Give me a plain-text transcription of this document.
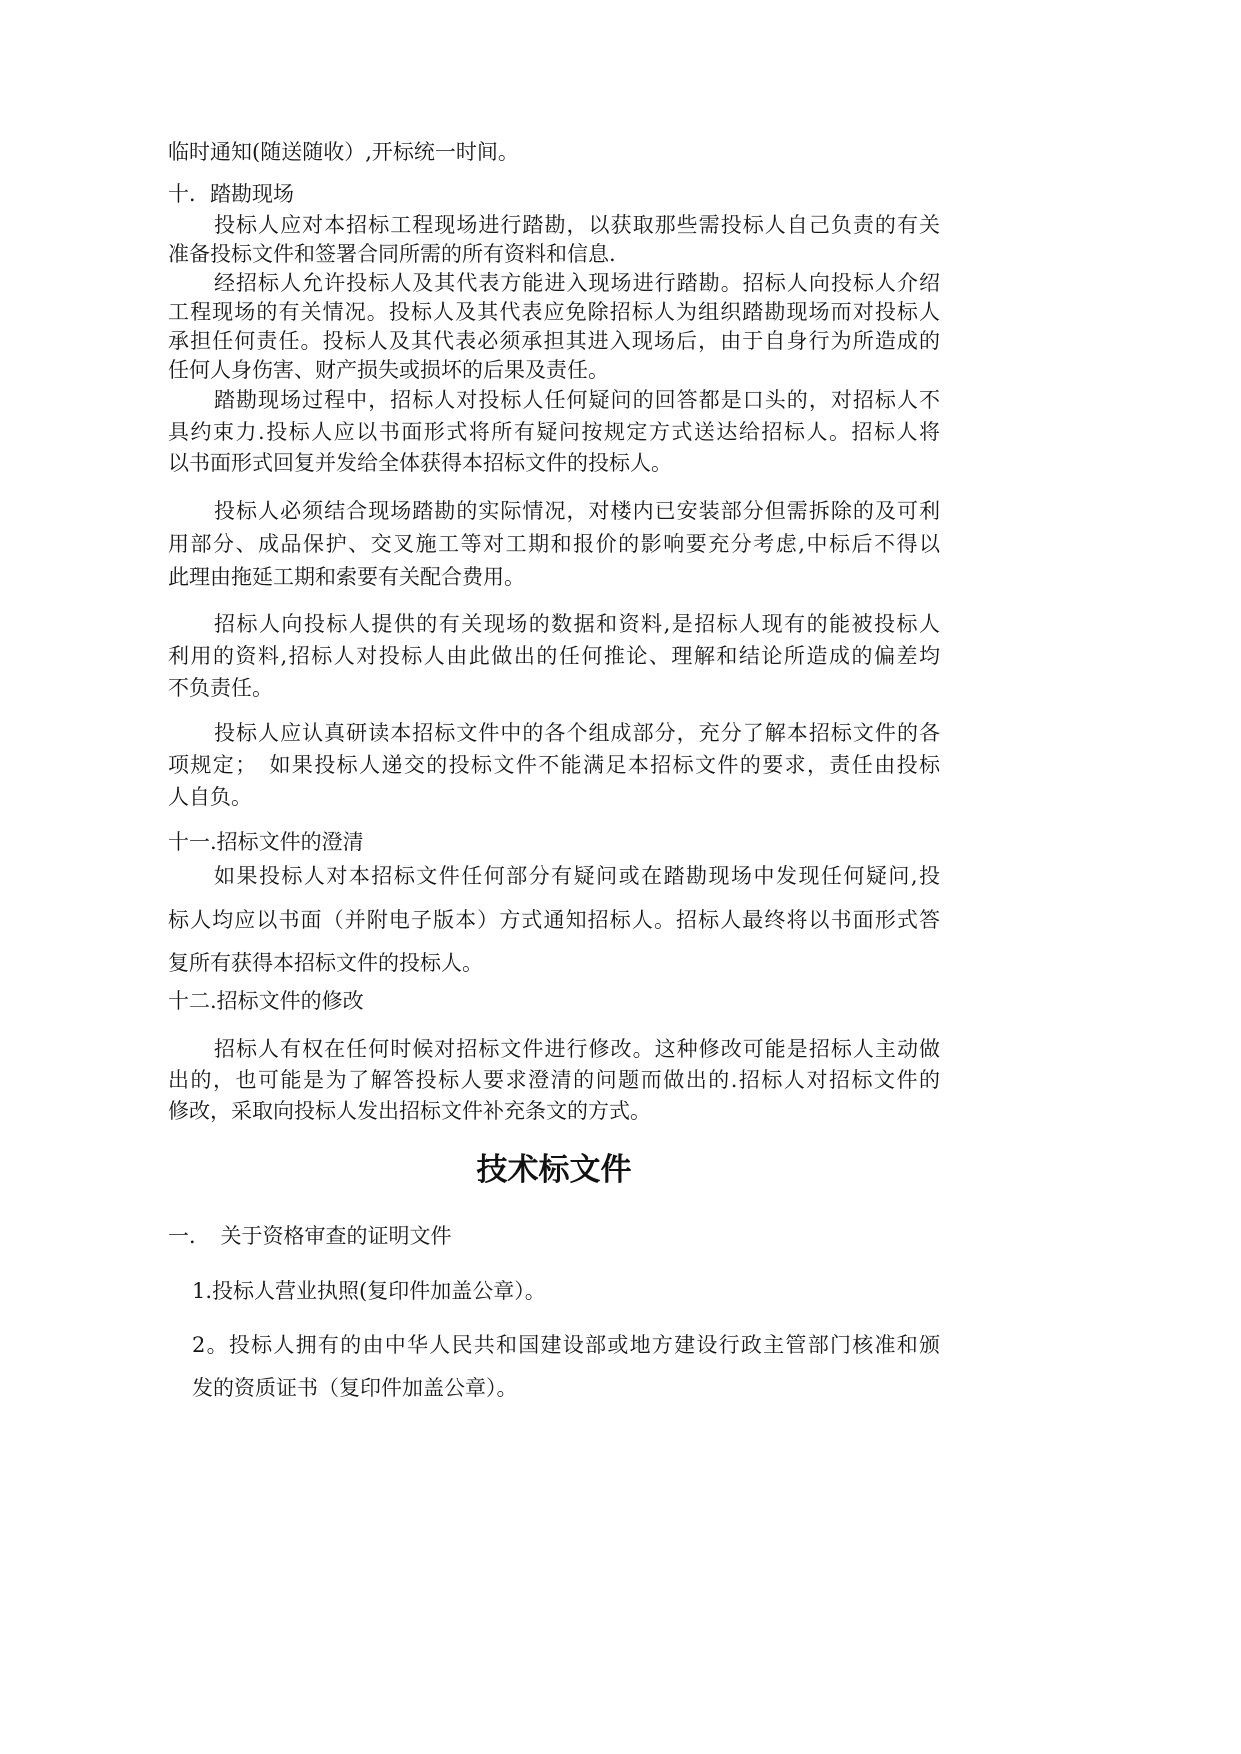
临时通知(随送随收）,开标统一时间。
十．踏勘现场
投标人应对本招标工程现场进行踏勘，以获取那些需投标人自己负责的有关
准备投标文件和签署合同所需的所有资料和信息.
经招标人允许投标人及其代表方能进入现场进行踏勘。招标人向投标人介绍
工程现场的有关情况。投标人及其代表应免除招标人为组织踏勘现场而对投标人
承担任何责任。投标人及其代表必须承担其进入现场后，由于自身行为所造成的
任何人身伤害、财产损失或损坏的后果及责任。
踏勘现场过程中，招标人对投标人任何疑问的回答都是口头的，对招标人不
具约束力.投标人应以书面形式将所有疑问按规定方式送达给招标人。招标人将
以书面形式回复并发给全体获得本招标文件的投标人。
投标人必须结合现场踏勘的实际情况，对楼内已安装部分但需拆除的及可利
用部分、成品保护、交叉施工等对工期和报价的影响要充分考虑,中标后不得以
此理由拖延工期和索要有关配合费用。
招标人向投标人提供的有关现场的数据和资料,是招标人现有的能被投标人
利用的资料,招标人对投标人由此做出的任何推论、理解和结论所造成的偏差均
不负责任。
投标人应认真研读本招标文件中的各个组成部分，充分了解本招标文件的各
项规定；　如果投标人递交的投标文件不能满足本招标文件的要求，责任由投标
人自负。
十一.招标文件的澄清
如果投标人对本招标文件任何部分有疑问或在踏勘现场中发现任何疑问,投
标人均应以书面（并附电子版本）方式通知招标人。招标人最终将以书面形式答
复所有获得本招标文件的投标人。
十二.招标文件的修改
招标人有权在任何时候对招标文件进行修改。这种修改可能是招标人主动做
出的，也可能是为了解答投标人要求澄清的问题而做出的.招标人对招标文件的
修改，采取向投标人发出招标文件补充条文的方式。
技术标文件
一．　关于资格审查的证明文件
1.投标人营业执照(复印件加盖公章）。
2。投标人拥有的由中华人民共和国建设部或地方建设行政主管部门核准和颁
发的资质证书（复印件加盖公章）。
